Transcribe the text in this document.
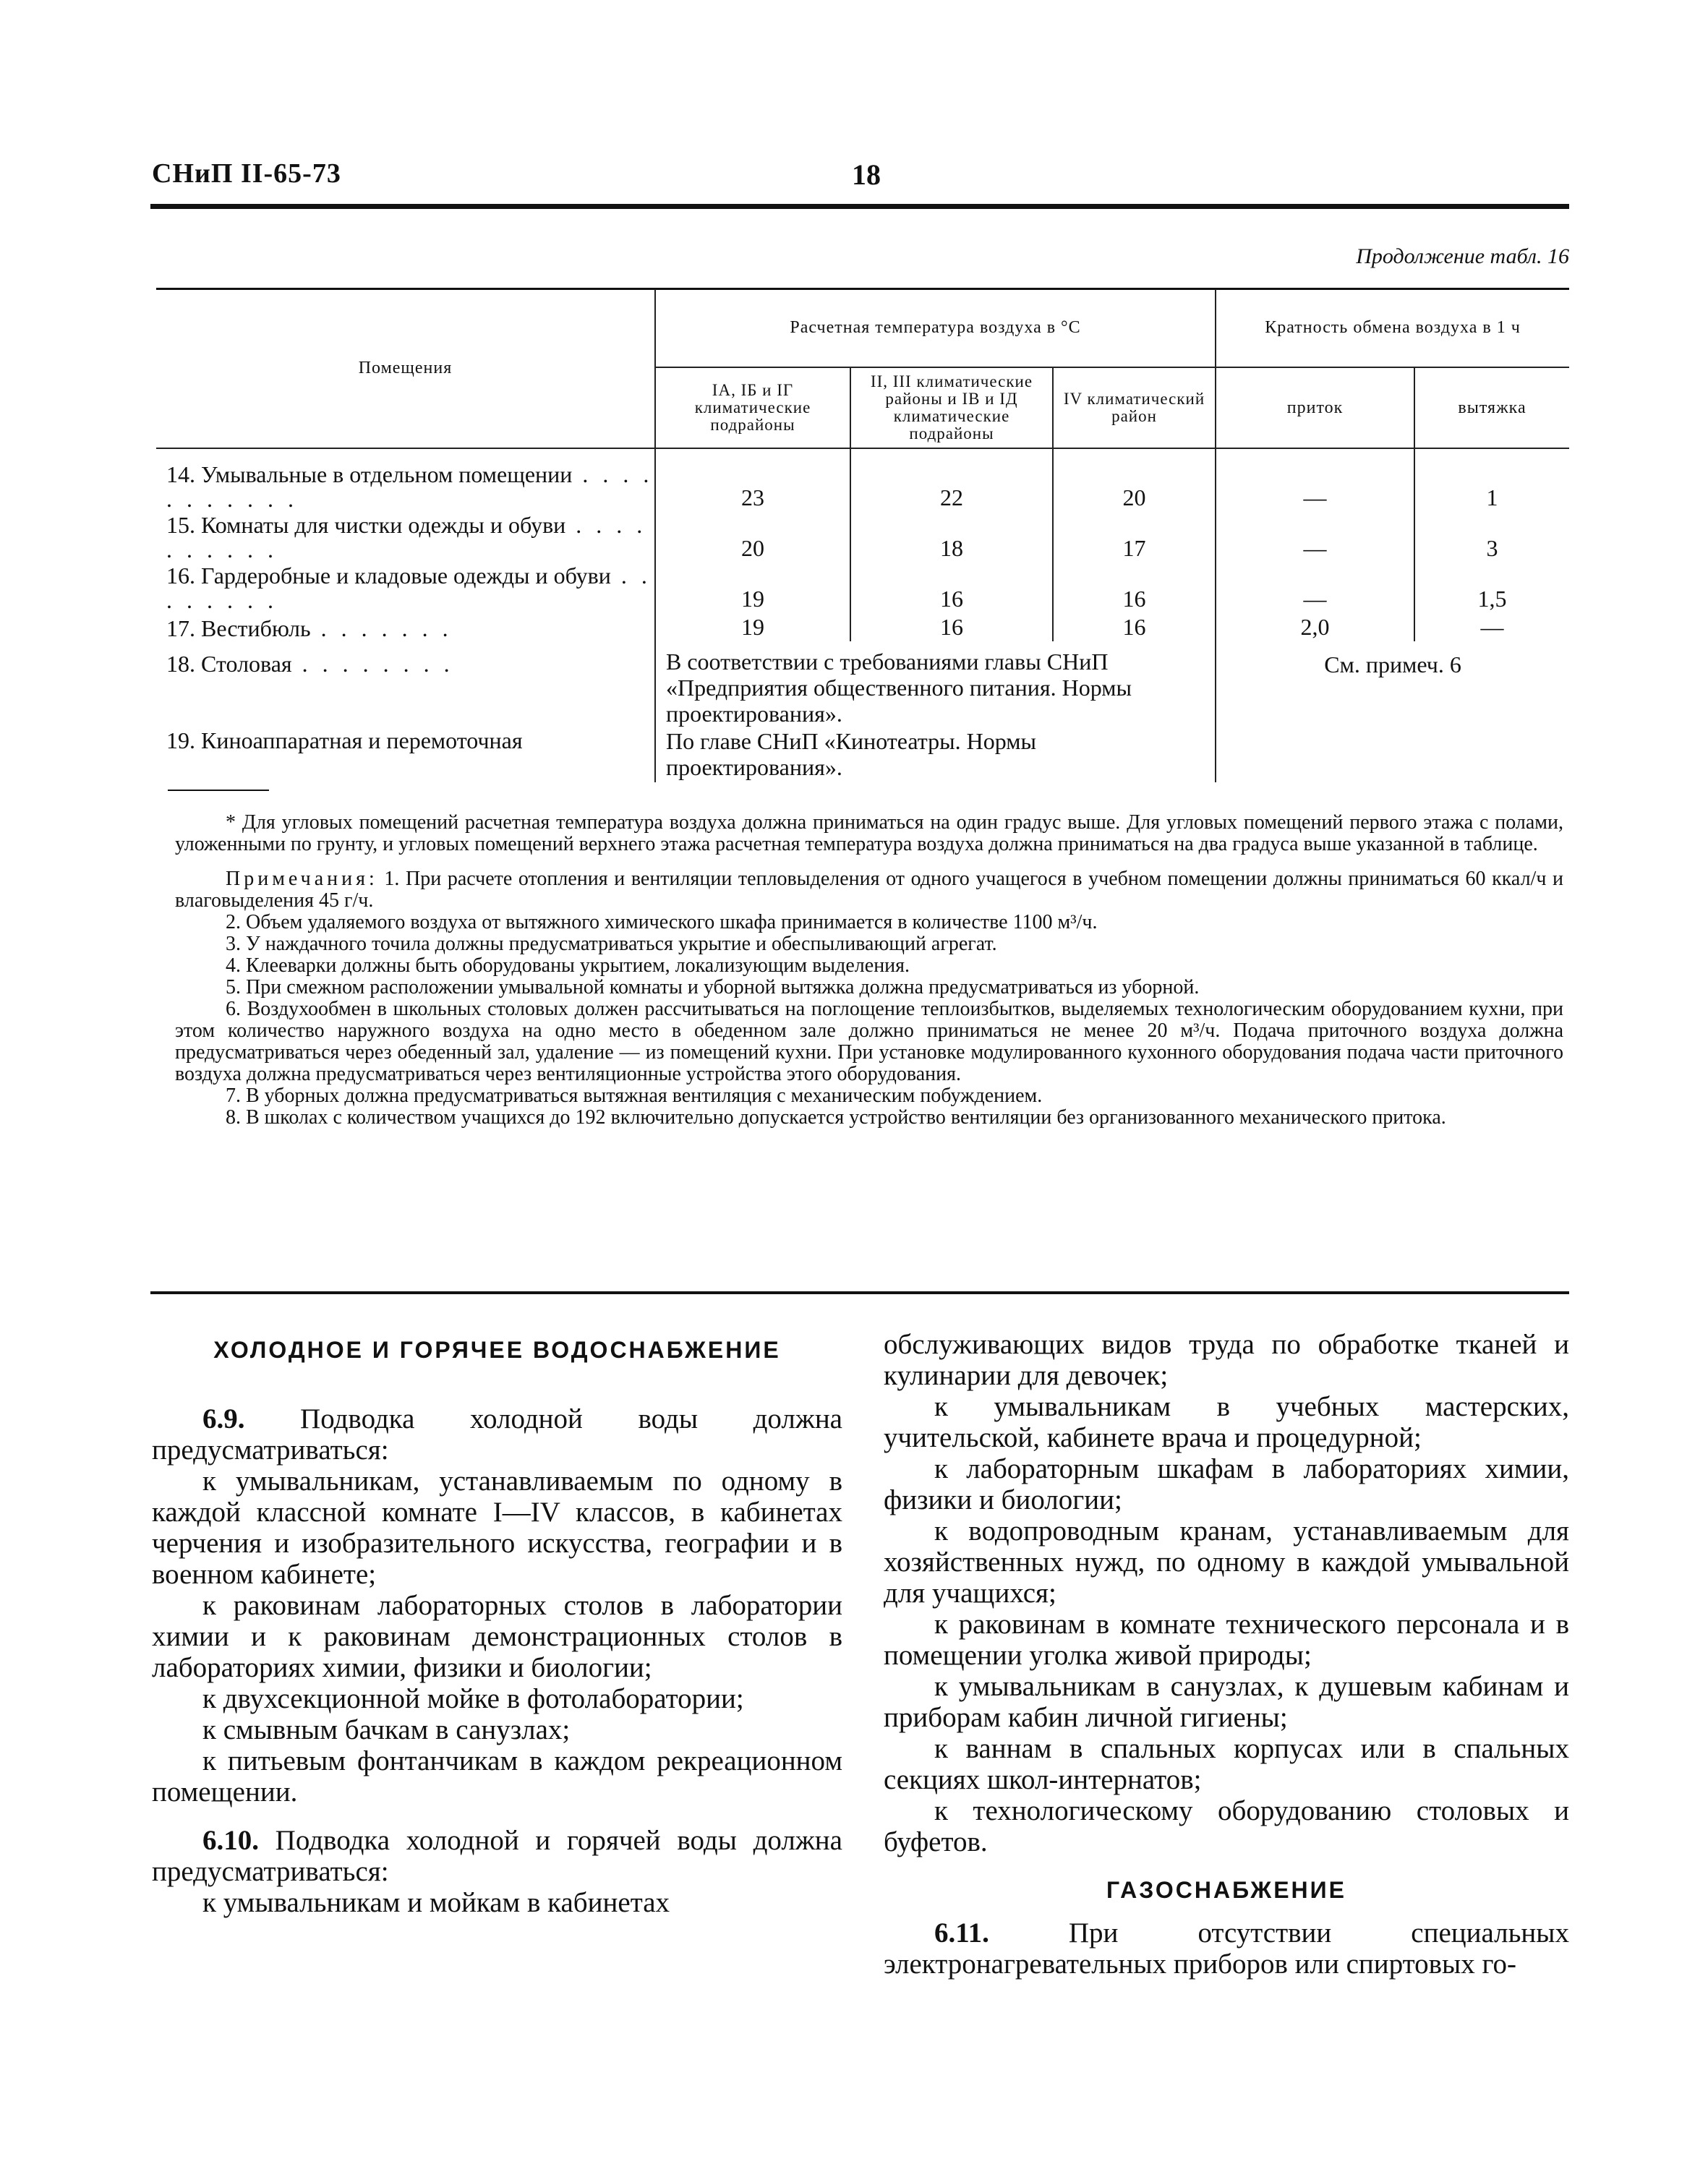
СНиП II-65-73	18
Продолжение табл. 16
Помещения	Расчетная температура воздуха в °С			Кратность обмена воздуха в 1 ч	
	IA, IБ и IГ климатические подрайоны	II, III климатические районы и IВ и IД климатические подрайоны	IV климатический район	приток	вытяжка
14. Умывальные в отдельном помещении . . . . . . . . . . .	23	22	20	—	1
15. Комнаты для чистки одежды и обуви . . . . . . . . . .	20	18	17	—	3
16. Гардеробные и кладовые одежды и обуви . . . . . . . .	19	16	16	—	1,5
17. Вестибюль . . . . . . .	19	16	16	2,0	—
18. Столовая . . . . . . . .	В соответствии с требованиями главы СНиП «Предприятия общественного питания. Нормы проектирования».			См. примеч. 6	
19. Киноаппаратная и перемоточная	По главе СНиП «Кинотеатры. Нормы проектирования».				

* Для угловых помещений расчетная температура воздуха должна приниматься на один градус выше. Для угловых помещений первого этажа с полами, уложенными по грунту, и угловых помещений верхнего этажа расчетная температура воздуха должна приниматься на два градуса выше указанной в таблице.

Примечания: 1. При расчете отопления и вентиляции тепловыделения от одного учащегося в учебном помещении должны приниматься 60 ккал/ч и влаговыделения 45 г/ч.

2. Объем удаляемого воздуха от вытяжного химического шкафа принимается в количестве 1100 м³/ч.

3. У наждачного точила должны предусматриваться укрытие и обеспыливающий агрегат.

4. Клееварки должны быть оборудованы укрытием, локализующим выделения.

5. При смежном расположении умывальной комнаты и уборной вытяжка должна предусматриваться из уборной.

6. Воздухообмен в школьных столовых должен рассчитываться на поглощение теплоизбытков, выделяемых технологическим оборудованием кухни, при этом количество наружного воздуха на одно место в обеденном зале должно приниматься не менее 20 м³/ч. Подача приточного воздуха должна предусматриваться через обеденный зал, удаление — из помещений кухни. При установке модулированного кухонного оборудования подача части приточного воздуха должна предусматриваться через вентиляционные устройства этого оборудования.

7. В уборных должна предусматриваться вытяжная вентиляция с механическим побуждением.

8. В школах с количеством учащихся до 192 включительно допускается устройство вентиляции без организованного механического притока.

ХОЛОДНОЕ И ГОРЯЧЕЕ ВОДОСНАБЖЕНИЕ

6.9. Подводка холодной воды должна предусматриваться:

к умывальникам, устанавливаемым по одному в каждой классной комнате I—IV классов, в кабинетах черчения и изобразительного искусства, географии и в военном кабинете;

к раковинам лабораторных столов в лаборатории химии и к раковинам демонстрационных столов в лабораториях химии, физики и биологии;

к двухсекционной мойке в фотолаборатории;

к смывным бачкам в санузлах;

к питьевым фонтанчикам в каждом рекреационном помещении.

6.10. Подводка холодной и горячей воды должна предусматриваться:

к умывальникам и мойкам в кабинетах

обслуживающих видов труда по обработке тканей и кулинарии для девочек;

к умывальникам в учебных мастерских, учительской, кабинете врача и процедурной;

к лабораторным шкафам в лабораториях химии, физики и биологии;

к водопроводным кранам, устанавливаемым для хозяйственных нужд, по одному в каждой умывальной для учащихся;

к раковинам в комнате технического персонала и в помещении уголка живой природы;

к умывальникам в санузлах, к душевым кабинам и приборам кабин личной гигиены;

к ваннам в спальных корпусах или в спальных секциях школ-интернатов;

к технологическому оборудованию столовых и буфетов.

ГАЗОСНАБЖЕНИЕ

6.11.	При отсутствии специальных электронагревательных приборов или спиртовых го-
